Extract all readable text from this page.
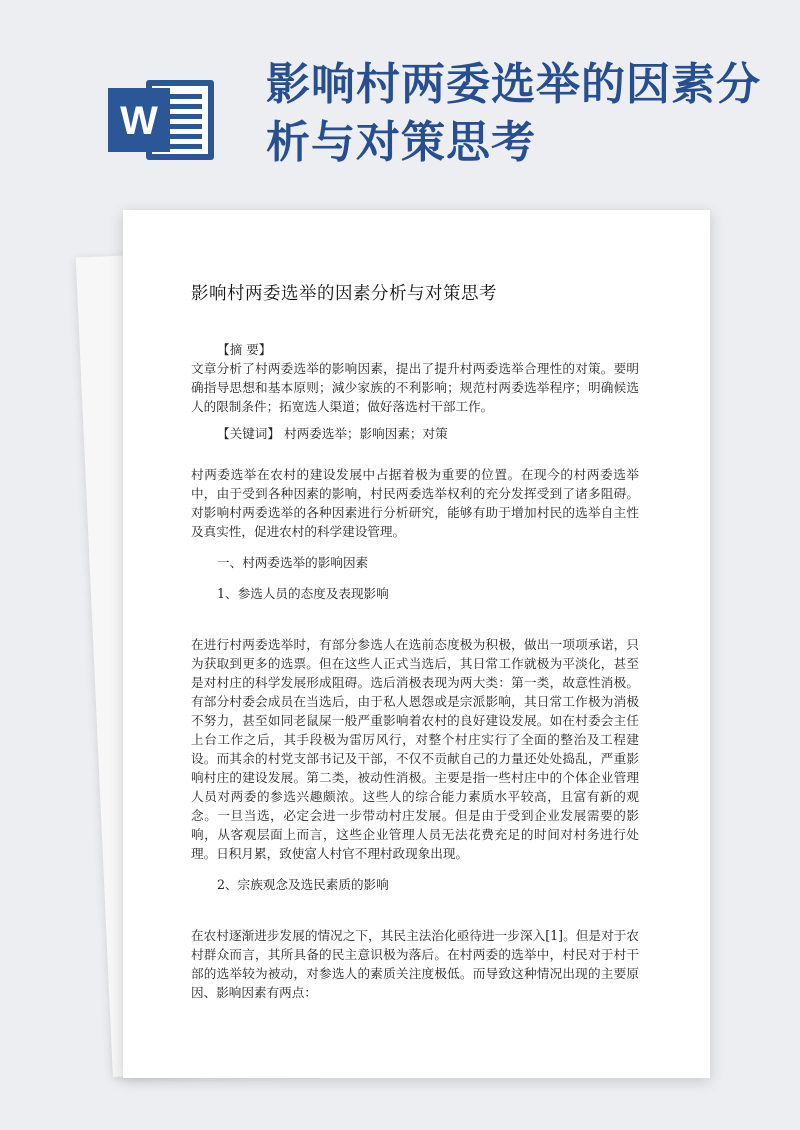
W
影响村两委选举的因素分析与对策思考
影响村两委选举的因素分析与对策思考

【摘 要】

文章分析了村两委选举的影响因素，提出了提升村两委选举合理性的对策。要明确指导思想和基本原则；減少家族的不利影响；规范村两委选举程序；明确候选人的限制条件；拓宽选人渠道；做好落选村干部工作。

【关键词】 村两委选举；影响因素；对策

村两委选举在农村的建设发展中占据着极为重要的位置。在现今的村两委选举中，由于受到各种因素的影响，村民两委选举权利的充分发挥受到了诸多阻碍。对影响村两委选举的各种因素进行分析研究，能够有助于增加村民的选举自主性及真实性，促进农村的科学建设管理。

一、村两委选举的影响因素

1、参选人员的态度及表现影响

在进行村两委选举时，有部分参选人在选前态度极为积极，做出一项项承诺，只为获取到更多的选票。但在这些人正式当选后，其日常工作就极为平淡化，甚至是对村庄的科学发展形成阻碍。选后消极表现为两大类：第一类，故意性消极。有部分村委会成员在当选后，由于私人恩怨或是宗派影响，其日常工作极为消极不努力，甚至如同老鼠屎一般严重影响着农村的良好建设发展。如在村委会主任上台工作之后，其手段极为雷厉风行，对整个村庄实行了全面的整治及工程建设。而其余的村党支部书记及干部，不仅不贡献自己的力量还处处捣乱，严重影响村庄的建设发展。第二类，被动性消极。主要是指一些村庄中的个体企业管理人员对两委的参选兴趣颇浓。这些人的综合能力素质水平较高，且富有新的观念。一旦当选，必定会进一步带动村庄发展。但是由于受到企业发展需要的影响，从客观层面上而言，这些企业管理人员无法花费充足的时间对村务进行处理。日积月累，致使富人村官不理村政现象出现。

2、宗族观念及选民素质的影响

在农村逐渐进步发展的情况之下，其民主法治化亟待进一步深入[1]。但是对于农村群众而言，其所具备的民主意识极为落后。在村两委的选举中，村民对于村干部的选举较为被动，对参选人的素质关注度极低。而导致这种情况出现的主要原因、影响因素有两点：
